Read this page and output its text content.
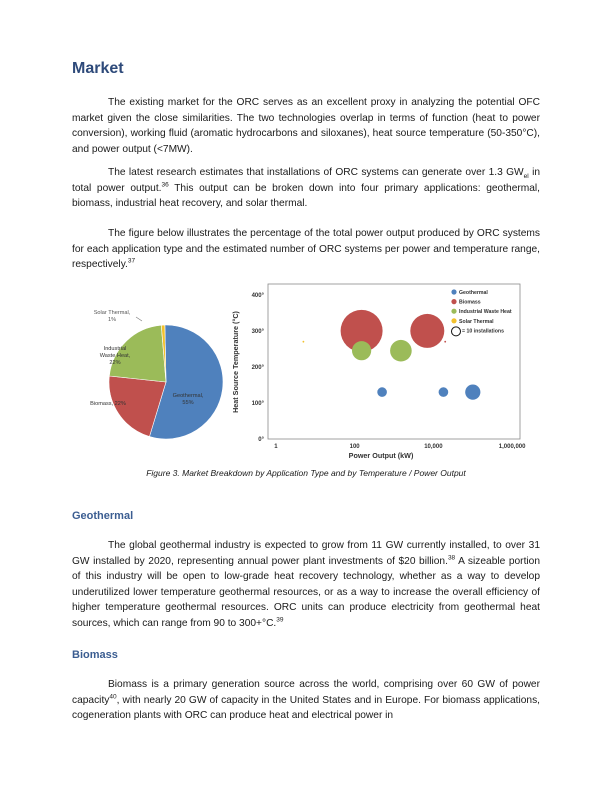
Market

The existing market for the ORC serves as an excellent proxy in analyzing the potential OFC market given the close similarities. The two technologies overlap in terms of function (heat to power conversion), working fluid (aromatic hydrocarbons and siloxanes), heat source temperature (50-350°C), and power output (<7MW).

The latest research estimates that installations of ORC systems can generate over 1.3 $GW_{el}$ in total power output.$^{36}$ This output can be broken down into four primary applications: geothermal, biomass, industrial heat recovery, and solar thermal.

The figure below illustrates the percentage of the total power output produced by ORC systems for each application type and the estimated number of ORC systems per power and temperature range, respectively.$^{37}$

Solar Thermal,
1%
Industrial
Waste Heat,
22%
Biomass, 22%
Geothermal,
55%
0°
100°
200°
300°
400°
1	100	10,000	1,000,000
Heat Source Temperature (°C)
Power Output (kW)
Geothermal
Biomass
Industrial Waste Heat
Solar Thermal
= 10 installations
Figure 3. Market Breakdown by Application Type and by Temperature / Power Output
Geothermal

The global geothermal industry is expected to grow from 11 GW currently installed, to over 31 GW installed by 2020, representing annual power plant investments of $20 billion.$^{38}$ A sizeable portion of this industry will be open to low-grade heat recovery technology, whether as a way to develop underutilized lower temperature geothermal resources, or as a way to increase the overall efficiency of higher temperature geothermal resources. ORC units can produce electricity from geothermal heat sources, which can range from 90 to 300+°C.$^{39}$

Biomass

Biomass is a primary generation source across the world, comprising over 60 GW of power capacity$^{40}$, with nearly 20 GW of capacity in the United States and in Europe. For biomass applications, cogeneration plants with ORC can produce heat and electrical power in
